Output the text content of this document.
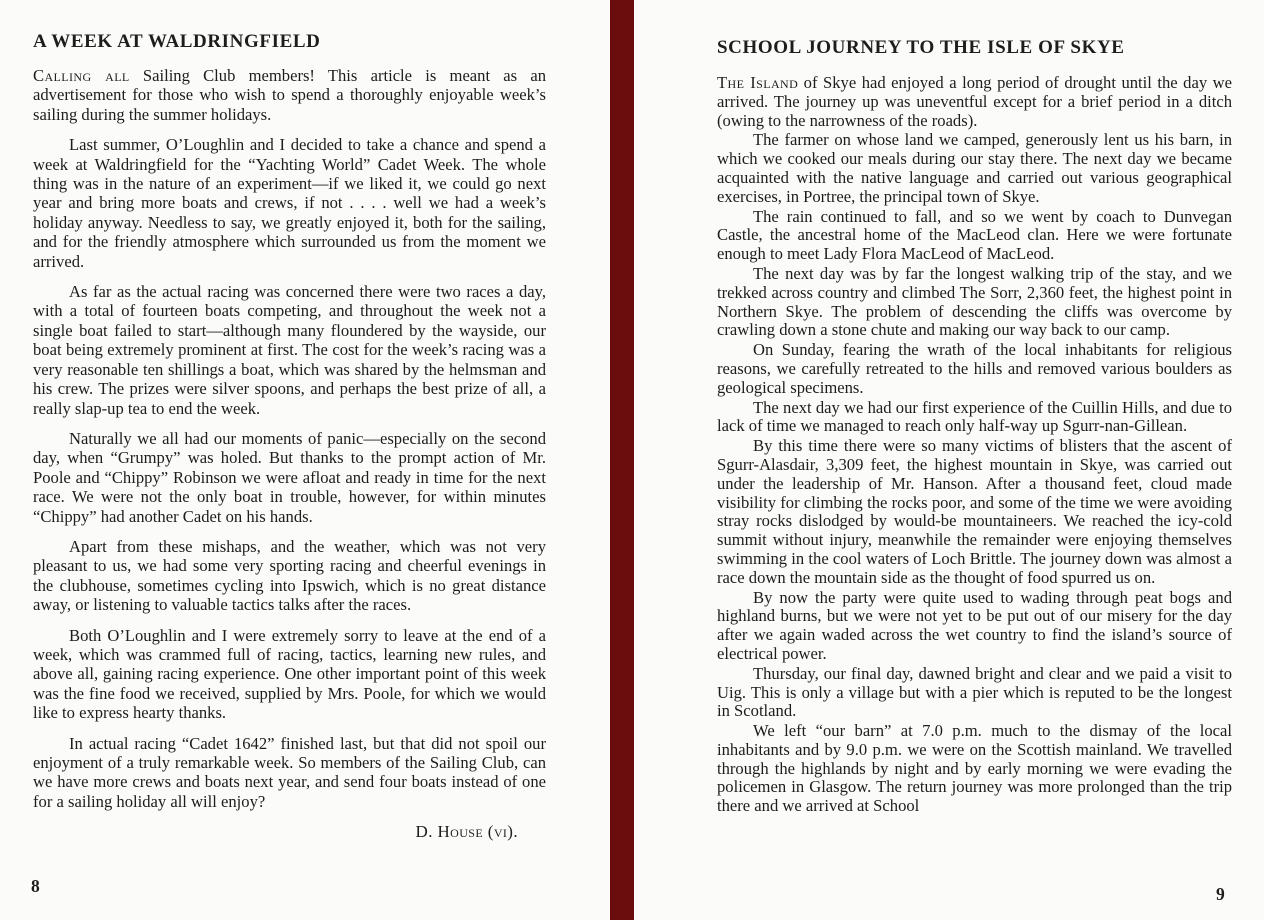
A WEEK AT WALDRINGFIELD

Calling all Sailing Club members! This article is meant as an advertisement for those who wish to spend a thoroughly enjoyable week’s sailing during the summer holidays.

Last summer, O’Loughlin and I decided to take a chance and spend a week at Waldringfield for the “Yachting World” Cadet Week. The whole thing was in the nature of an experiment—if we liked it, we could go next year and bring more boats and crews, if not . . . . well we had a week’s holiday anyway. Needless to say, we greatly enjoyed it, both for the sailing, and for the friendly atmosphere which surrounded us from the moment we arrived.

As far as the actual racing was concerned there were two races a day, with a total of fourteen boats competing, and throughout the week not a single boat failed to start—although many floundered by the wayside, our boat being extremely prominent at first. The cost for the week’s racing was a very reasonable ten shillings a boat, which was shared by the helmsman and his crew. The prizes were silver spoons, and perhaps the best prize of all, a really slap-up tea to end the week.

Naturally we all had our moments of panic—especially on the second day, when “Grumpy” was holed. But thanks to the prompt action of Mr. Poole and “Chippy” Robinson we were afloat and ready in time for the next race. We were not the only boat in trouble, however, for within minutes “Chippy” had another Cadet on his hands.

Apart from these mishaps, and the weather, which was not very pleasant to us, we had some very sporting racing and cheerful evenings in the clubhouse, sometimes cycling into Ipswich, which is no great distance away, or listening to valuable tactics talks after the races.

Both O’Loughlin and I were extremely sorry to leave at the end of a week, which was crammed full of racing, tactics, learning new rules, and above all, gaining racing experience. One other important point of this week was the fine food we received, supplied by Mrs. Poole, for which we would like to express hearty thanks.

In actual racing “Cadet 1642” finished last, but that did not spoil our enjoyment of a truly remarkable week. So members of the Sailing Club, can we have more crews and boats next year, and send four boats instead of one for a sailing holiday all will enjoy?

D. House (vi).
SCHOOL JOURNEY TO THE ISLE OF SKYE

The Island of Skye had enjoyed a long period of drought until the day we arrived. The journey up was uneventful except for a brief period in a ditch (owing to the narrowness of the roads).

The farmer on whose land we camped, generously lent us his barn, in which we cooked our meals during our stay there. The next day we became acquainted with the native language and carried out various geographical exercises, in Portree, the principal town of Skye.

The rain continued to fall, and so we went by coach to Dunvegan Castle, the ancestral home of the MacLeod clan. Here we were fortunate enough to meet Lady Flora MacLeod of MacLeod.

The next day was by far the longest walking trip of the stay, and we trekked across country and climbed The Sorr, 2,360 feet, the highest point in Northern Skye. The problem of descending the cliffs was overcome by crawling down a stone chute and making our way back to our camp.

On Sunday, fearing the wrath of the local inhabitants for religious reasons, we carefully retreated to the hills and removed various boulders as geological specimens.

The next day we had our first experience of the Cuillin Hills, and due to lack of time we managed to reach only half-way up Sgurr-nan-Gillean.

By this time there were so many victims of blisters that the ascent of Sgurr-Alasdair, 3,309 feet, the highest mountain in Skye, was carried out under the leadership of Mr. Hanson. After a thousand feet, cloud made visibility for climbing the rocks poor, and some of the time we were avoiding stray rocks dislodged by would-be mountaineers. We reached the icy-cold summit without injury, meanwhile the remainder were enjoying themselves swimming in the cool waters of Loch Brittle. The journey down was almost a race down the mountain side as the thought of food spurred us on.

By now the party were quite used to wading through peat bogs and highland burns, but we were not yet to be put out of our misery for the day after we again waded across the wet country to find the island’s source of electrical power.

Thursday, our final day, dawned bright and clear and we paid a visit to Uig. This is only a village but with a pier which is reputed to be the longest in Scotland.

We left “our barn” at 7.0 p.m. much to the dismay of the local inhabitants and by 9.0 p.m. we were on the Scottish mainland. We travelled through the highlands by night and by early morning we were evading the policemen in Glasgow. The return journey was more prolonged than the trip there and we arrived at School

8	9
